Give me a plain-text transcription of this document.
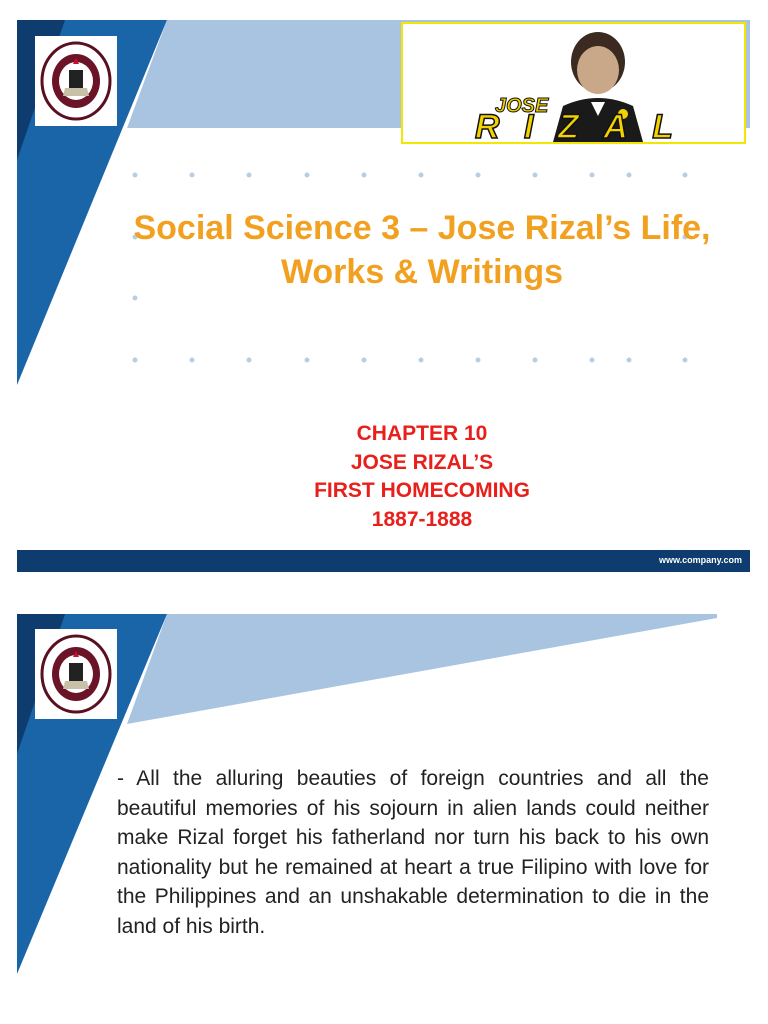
JOSE
RIZAL
Social Science 3 – Jose Rizal’s Life, Works & Writings
CHAPTER 10
JOSE RIZAL’S
FIRST HOMECOMING
1887-1888
www.company.com
- All the alluring beauties of foreign countries and all the beautiful memories of his sojourn in alien lands could neither make Rizal forget his fatherland nor turn his back to his own nationality but he remained at heart a true Filipino with love for the Philippines and an unshakable determination to die in the land of his birth.
